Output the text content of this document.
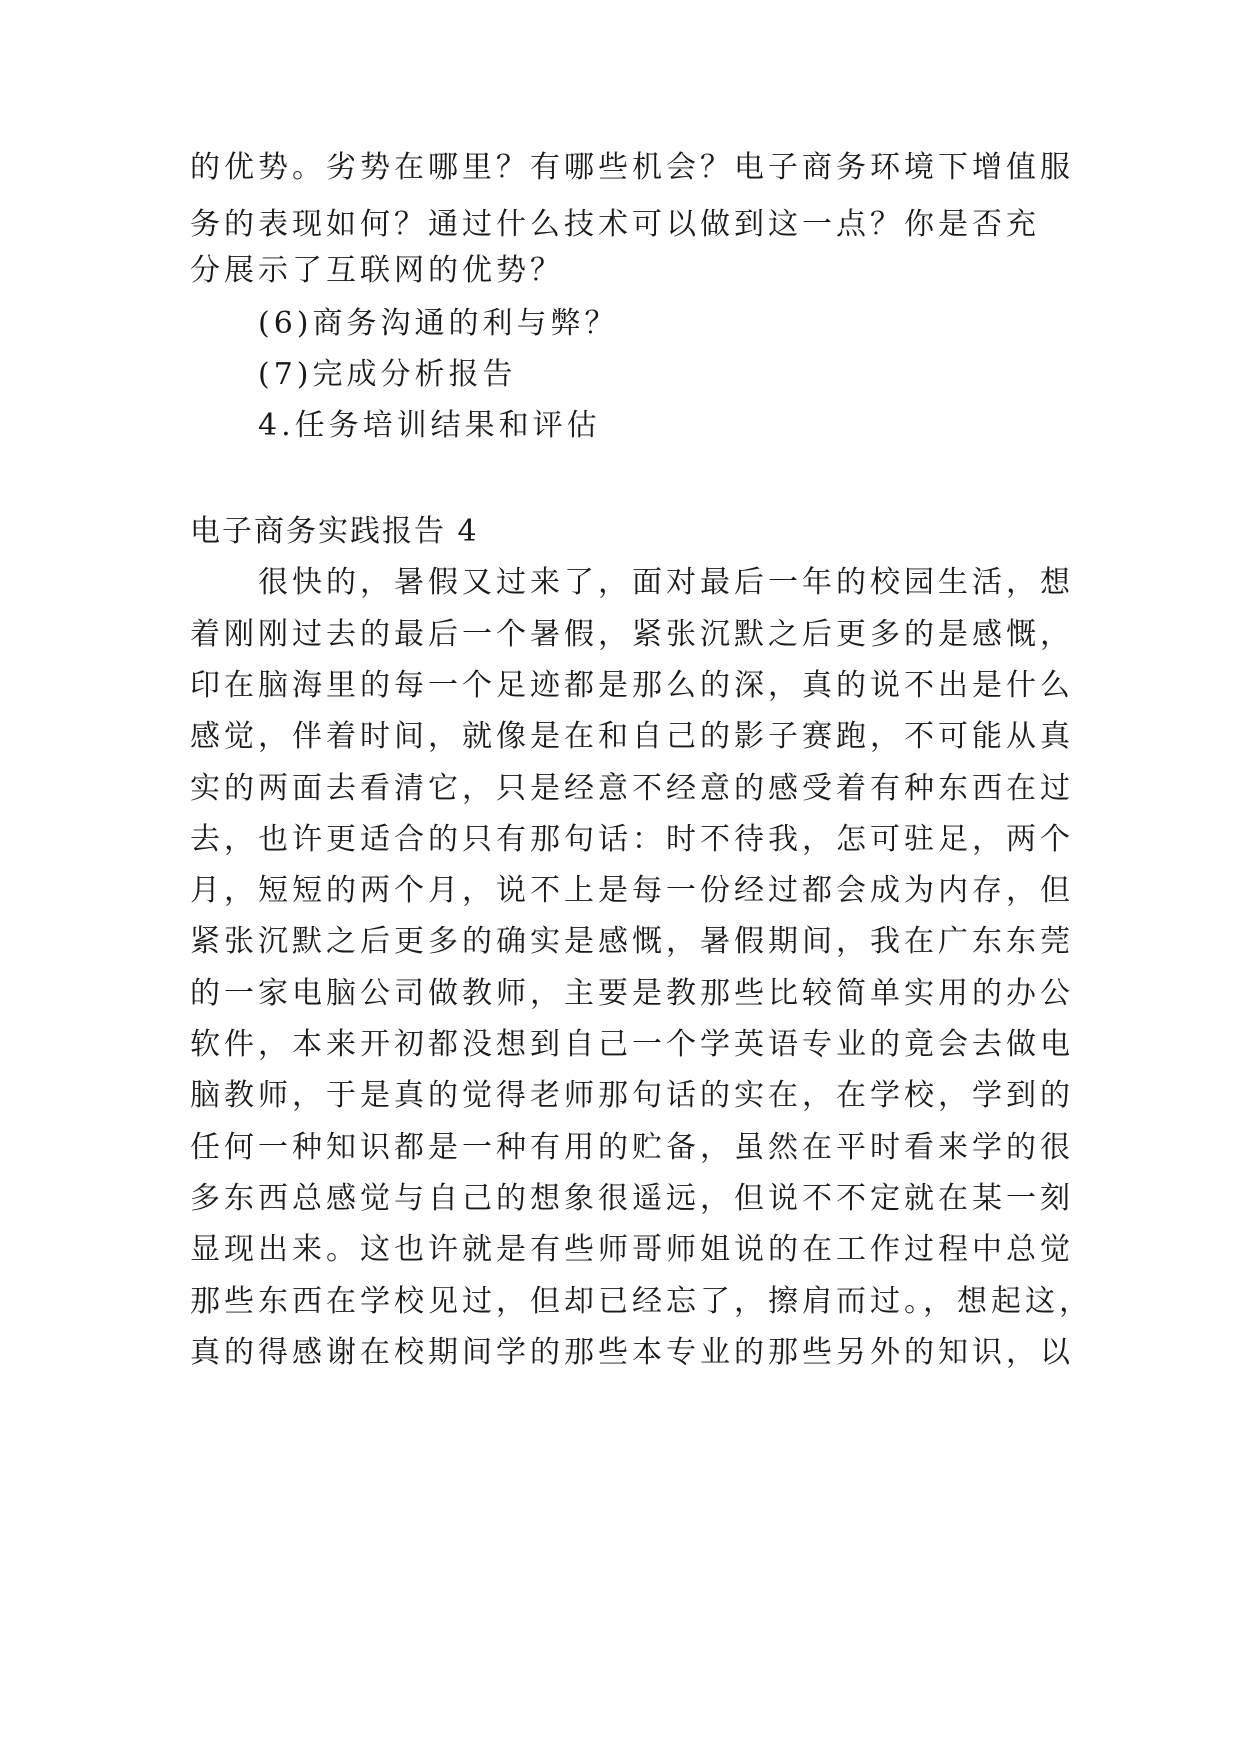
的优势。劣势在哪里？有哪些机会？电子商务环境下增值服
务的表现如何？通过什么技术可以做到这一点？你是否充
分展示了互联网的优势？
(6)商务沟通的利与弊？
(7)完成分析报告
4.任务培训结果和评估
电子商务实践报告 4
很快的，暑假又过来了，面对最后一年的校园生活，想
着刚刚过去的最后一个暑假，紧张沉默之后更多的是感慨，
印在脑海里的每一个足迹都是那么的深，真的说不出是什么
感觉，伴着时间，就像是在和自己的影子赛跑，不可能从真
实的两面去看清它，只是经意不经意的感受着有种东西在过
去，也许更适合的只有那句话：时不待我，怎可驻足，两个
月，短短的两个月，说不上是每一份经过都会成为内存，但
紧张沉默之后更多的确实是感慨，暑假期间，我在广东东莞
的一家电脑公司做教师，主要是教那些比较简单实用的办公
软件，本来开初都没想到自己一个学英语专业的竟会去做电
脑教师，于是真的觉得老师那句话的实在，在学校，学到的
任何一种知识都是一种有用的贮备，虽然在平时看来学的很
多东西总感觉与自己的想象很遥远，但说不不定就在某一刻
显现出来。这也许就是有些师哥师姐说的在工作过程中总觉
那些东西在学校见过，但却已经忘了，擦肩而过。，想起这，
真的得感谢在校期间学的那些本专业的那些另外的知识，以
